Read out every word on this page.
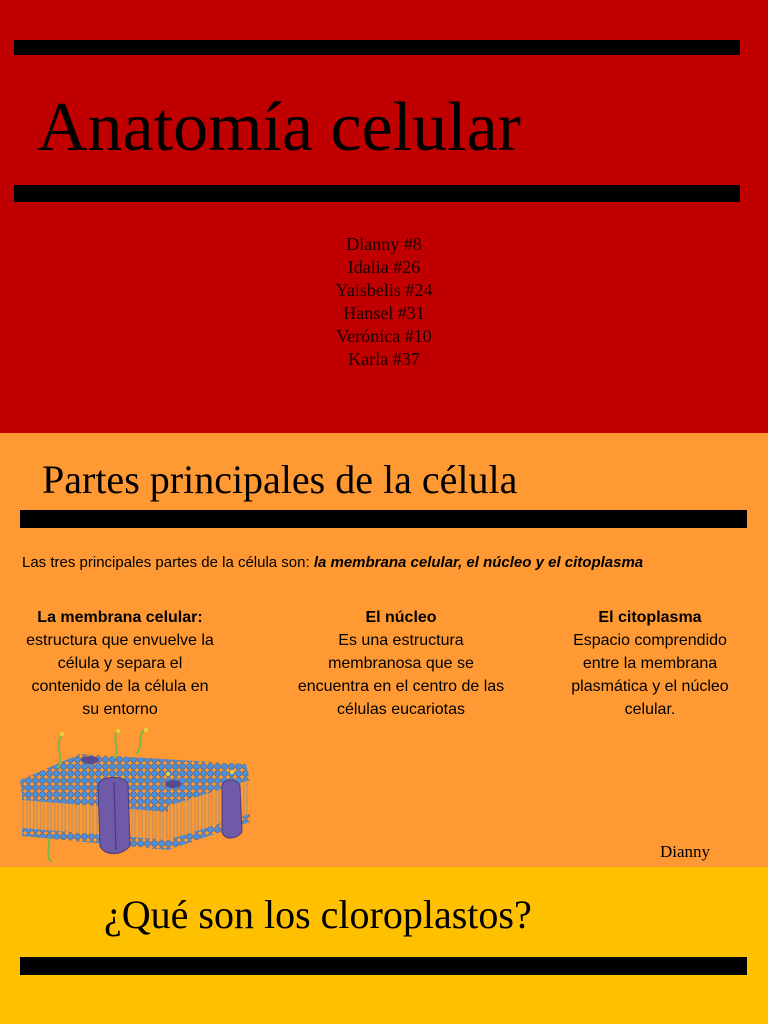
Anatomía celular
Dianny #8
Idalia #26
Yaisbelis #24
Hansel #31
Verónica #10
Karla #37
Partes principales de la célula
Las tres principales partes de la célula son: la membrana celular, el núcleo y el citoplasma
La membrana celular:
estructura que envuelve la célula y separa el contenido de la célula en su entorno
El núcleo
Es una estructura membranosa que se encuentra en el centro de las células eucariotas
El citoplasma
Espacio comprendido entre la membrana plasmática y el núcleo celular.
Dianny
¿Qué son los cloroplastos?
